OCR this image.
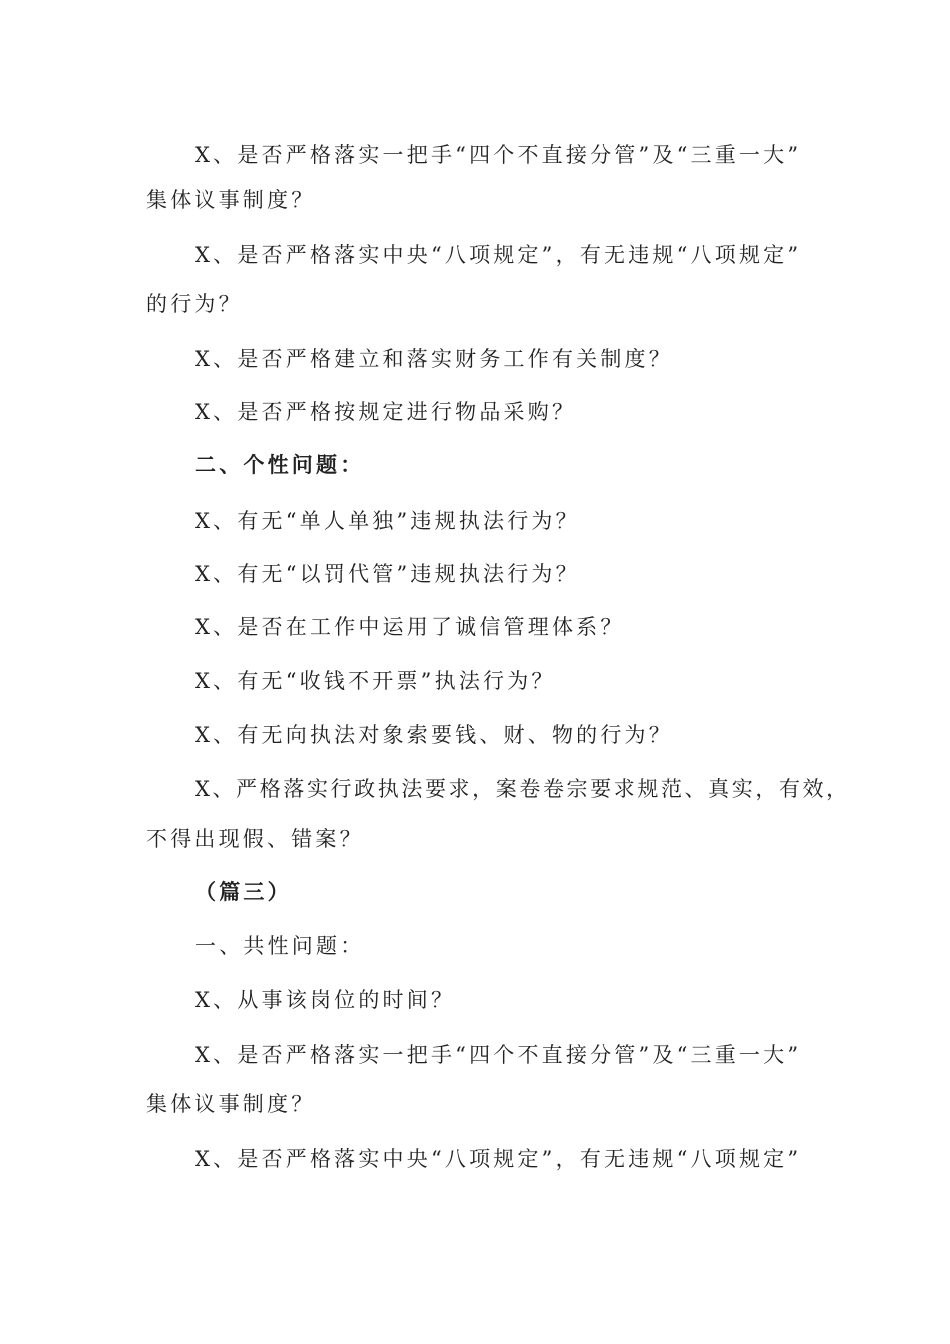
X、是否严格落实一把手“四个不直接分管”及“三重一大”
集体议事制度？
X、是否严格落实中央“八项规定”，有无违规“八项规定”
的行为？
X、是否严格建立和落实财务工作有关制度？
X、是否严格按规定进行物品采购？
二、个性问题：
X、有无“单人单独”违规执法行为？
X、有无“以罚代管”违规执法行为？
X、是否在工作中运用了诚信管理体系？
X、有无“收钱不开票”执法行为？
X、有无向执法对象索要钱、财、物的行为？
X、严格落实行政执法要求，案卷卷宗要求规范、真实，有效，
不得出现假、错案？
（篇三）
一、共性问题：
X、从事该岗位的时间？
X、是否严格落实一把手“四个不直接分管”及“三重一大”
集体议事制度？
X、是否严格落实中央“八项规定”，有无违规“八项规定”
